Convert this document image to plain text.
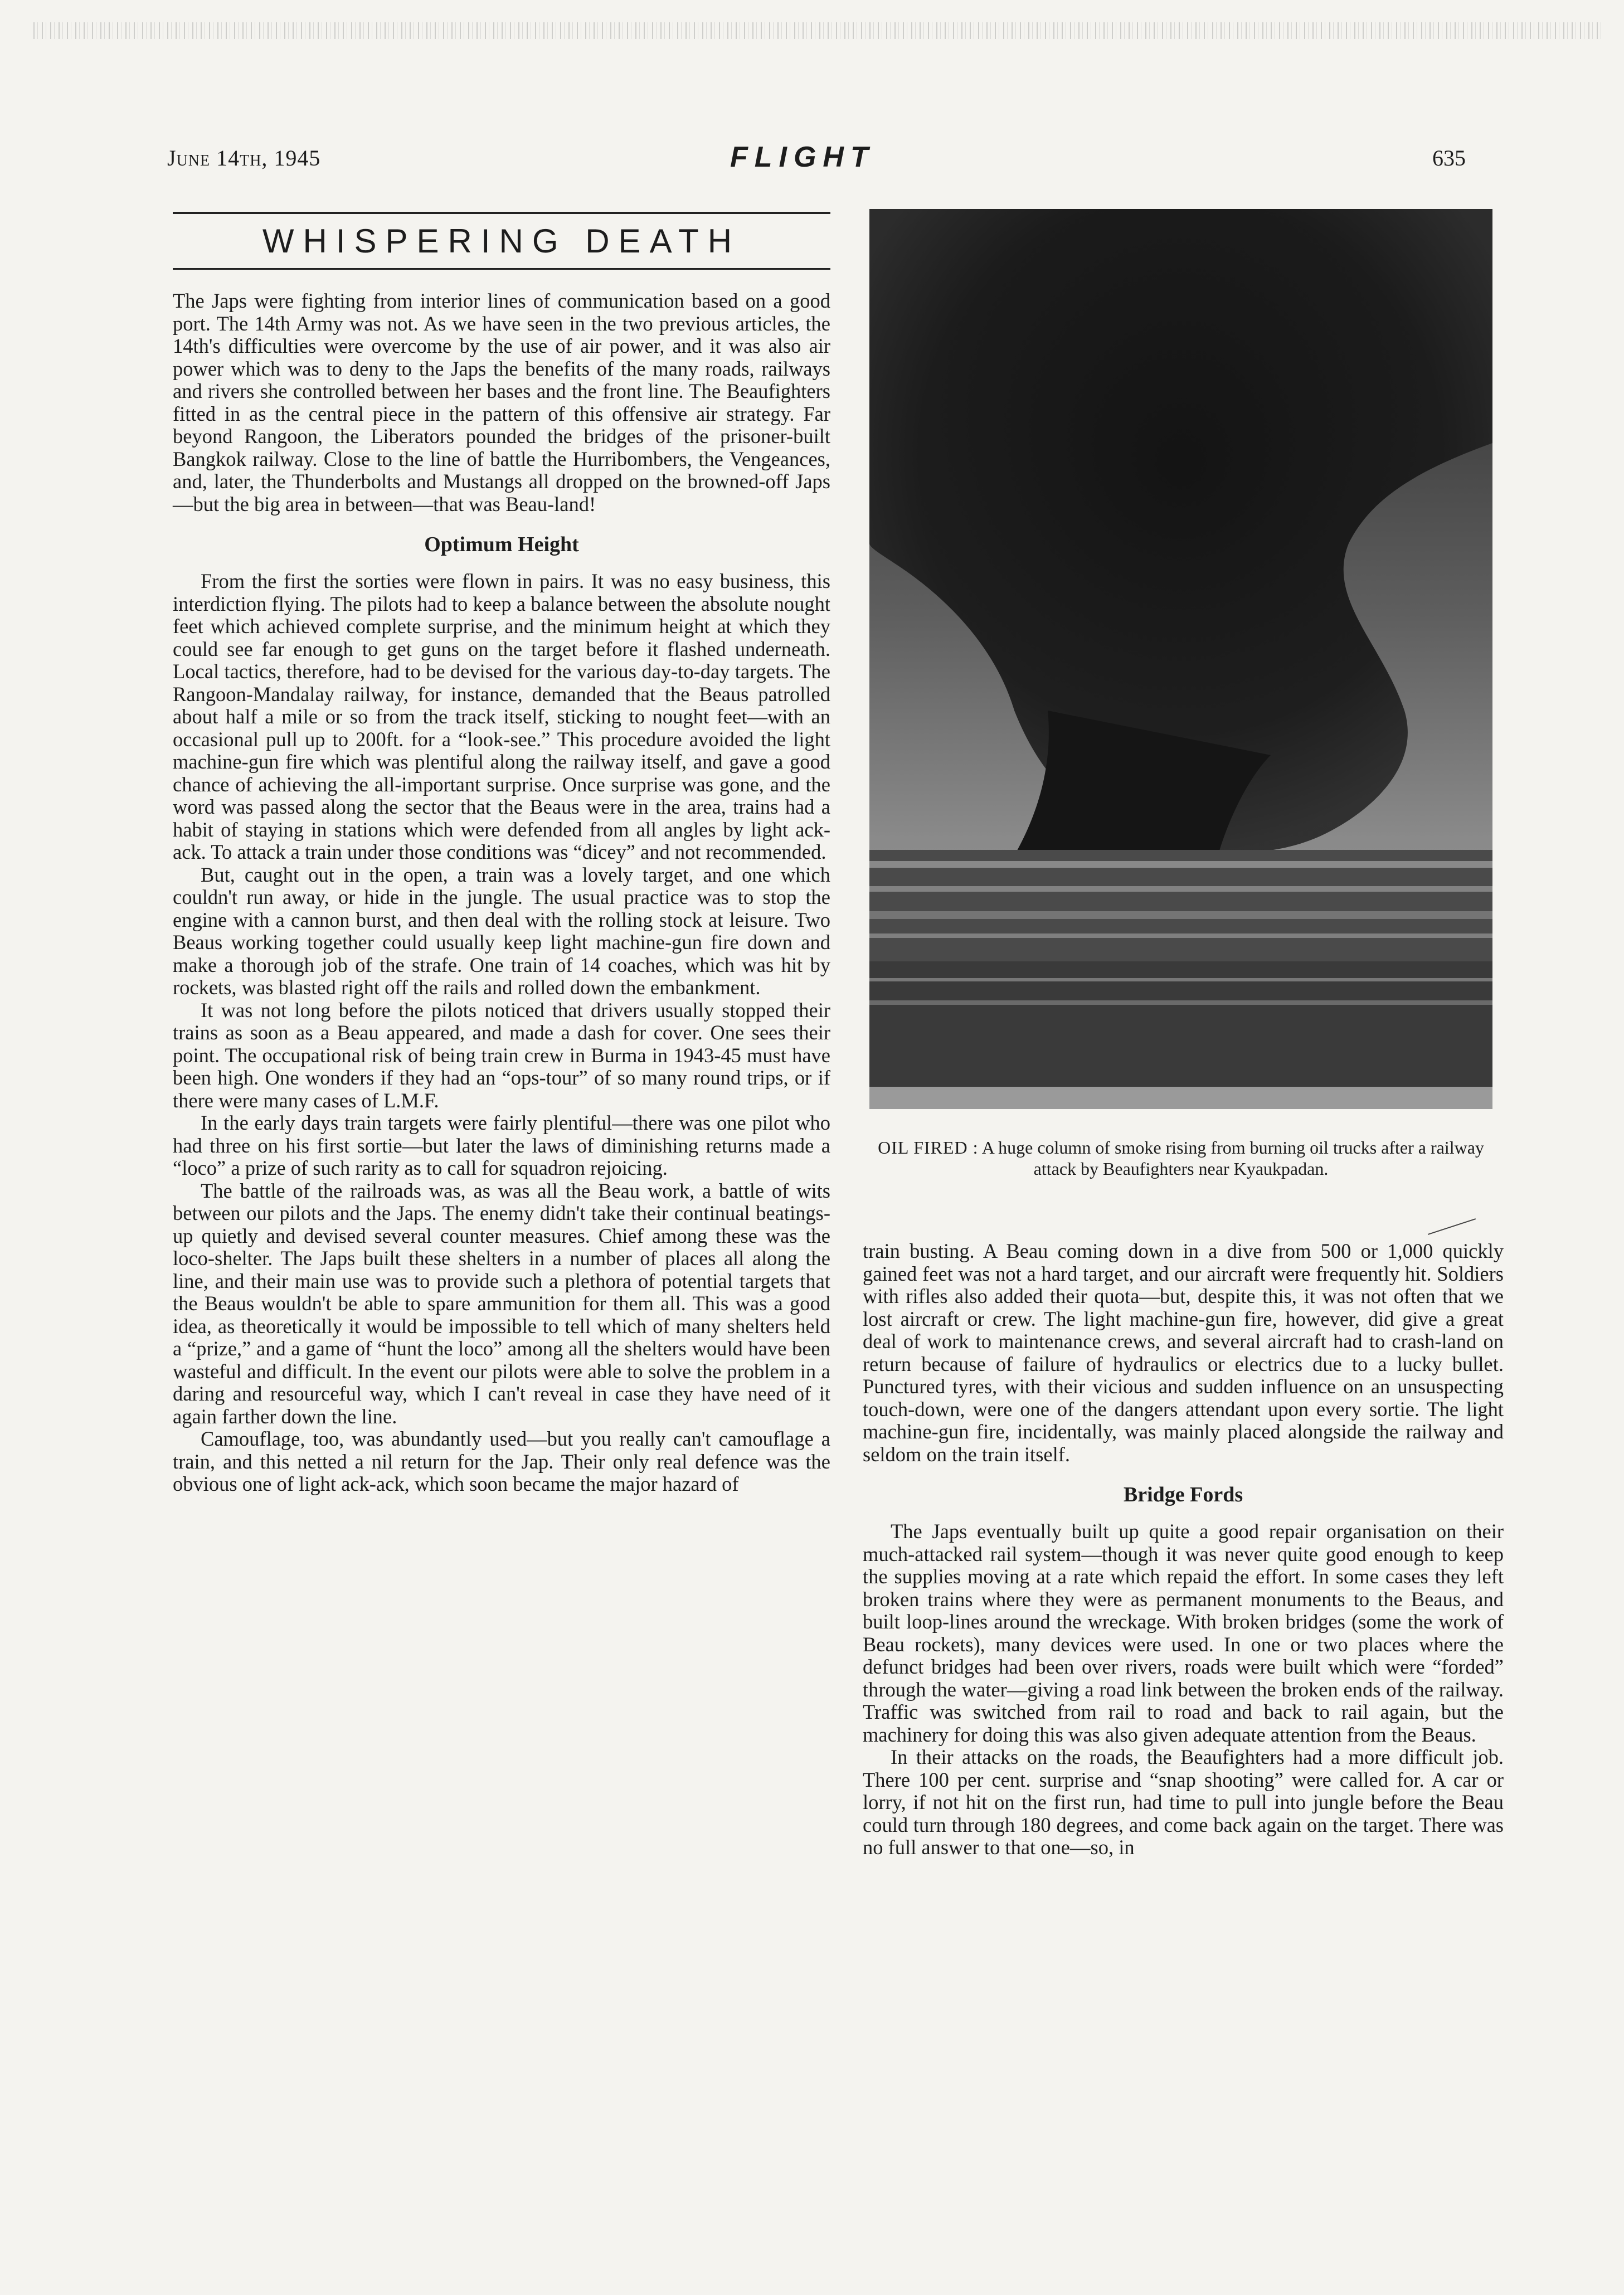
June 14th, 1945	FLIGHT	635
WHISPERING DEATH

The Japs were fighting from interior lines of communication based on a good port. The 14th Army was not. As we have seen in the two previous articles, the 14th's difficulties were overcome by the use of air power, and it was also air power which was to deny to the Japs the benefits of the many roads, railways and rivers she controlled between her bases and the front line. The Beaufighters fitted in as the central piece in the pattern of this offensive air strategy. Far beyond Rangoon, the Liberators pounded the bridges of the prisoner-built Bangkok railway. Close to the line of battle the Hurribombers, the Vengeances, and, later, the Thunderbolts and Mustangs all dropped on the browned-off Japs—but the big area in between—that was Beau-land!

Optimum Height

From the first the sorties were flown in pairs. It was no easy business, this interdiction flying. The pilots had to keep a balance between the absolute nought feet which achieved complete surprise, and the minimum height at which they could see far enough to get guns on the target before it flashed underneath. Local tactics, therefore, had to be devised for the various day-to-day targets. The Rangoon-Mandalay railway, for instance, demanded that the Beaus patrolled about half a mile or so from the track itself, sticking to nought feet—with an occasional pull up to 200ft. for a “look-see.” This procedure avoided the light machine-gun fire which was plentiful along the railway itself, and gave a good chance of achieving the all-important surprise. Once surprise was gone, and the word was passed along the sector that the Beaus were in the area, trains had a habit of staying in stations which were defended from all angles by light ack-ack. To attack a train under those conditions was “dicey” and not recommended.

But, caught out in the open, a train was a lovely target, and one which couldn't run away, or hide in the jungle. The usual practice was to stop the engine with a cannon burst, and then deal with the rolling stock at leisure. Two Beaus working together could usually keep light machine-gun fire down and make a thorough job of the strafe. One train of 14 coaches, which was hit by rockets, was blasted right off the rails and rolled down the embankment.

It was not long before the pilots noticed that drivers usually stopped their trains as soon as a Beau appeared, and made a dash for cover. One sees their point. The occupational risk of being train crew in Burma in 1943-45 must have been high. One wonders if they had an “ops-tour” of so many round trips, or if there were many cases of L.M.F.

In the early days train targets were fairly plentiful—there was one pilot who had three on his first sortie—but later the laws of diminishing returns made a “loco” a prize of such rarity as to call for squadron rejoicing.

The battle of the railroads was, as was all the Beau work, a battle of wits between our pilots and the Japs. The enemy didn't take their continual beatings-up quietly and devised several counter measures. Chief among these was the loco-shelter. The Japs built these shelters in a number of places all along the line, and their main use was to provide such a plethora of potential targets that the Beaus wouldn't be able to spare ammunition for them all. This was a good idea, as theoretically it would be impossible to tell which of many shelters held a “prize,” and a game of “hunt the loco” among all the shelters would have been wasteful and difficult. In the event our pilots were able to solve the problem in a daring and resourceful way, which I can't reveal in case they have need of it again farther down the line.

Camouflage, too, was abundantly used—but you really can't camouflage a train, and this netted a nil return for the Jap. Their only real defence was the obvious one of light ack-ack, which soon became the major hazard of

OIL FIRED : A huge column of smoke rising from burning oil trucks after a railway attack by Beaufighters near Kyaukpadan.

train busting. A Beau coming down in a dive from 500 or 1,000 quickly gained feet was not a hard target, and our aircraft were frequently hit. Soldiers with rifles also added their quota—but, despite this, it was not often that we lost aircraft or crew. The light machine-gun fire, however, did give a great deal of work to maintenance crews, and several aircraft had to crash-land on return because of failure of hydraulics or electrics due to a lucky bullet. Punctured tyres, with their vicious and sudden influence on an unsuspecting touch-down, were one of the dangers attendant upon every sortie. The light machine-gun fire, incidentally, was mainly placed alongside the railway and seldom on the train itself.

Bridge Fords

The Japs eventually built up quite a good repair organisation on their much-attacked rail system—though it was never quite good enough to keep the supplies moving at a rate which repaid the effort. In some cases they left broken trains where they were as permanent monuments to the Beaus, and built loop-lines around the wreckage. With broken bridges (some the work of Beau rockets), many devices were used. In one or two places where the defunct bridges had been over rivers, roads were built which were “forded” through the water—giving a road link between the broken ends of the railway. Traffic was switched from rail to road and back to rail again, but the machinery for doing this was also given adequate attention from the Beaus.

In their attacks on the roads, the Beaufighters had a more difficult job. There 100 per cent. surprise and “snap shooting” were called for. A car or lorry, if not hit on the first run, had time to pull into jungle before the Beau could turn through 180 degrees, and come back again on the target. There was no full answer to that one—so, in
